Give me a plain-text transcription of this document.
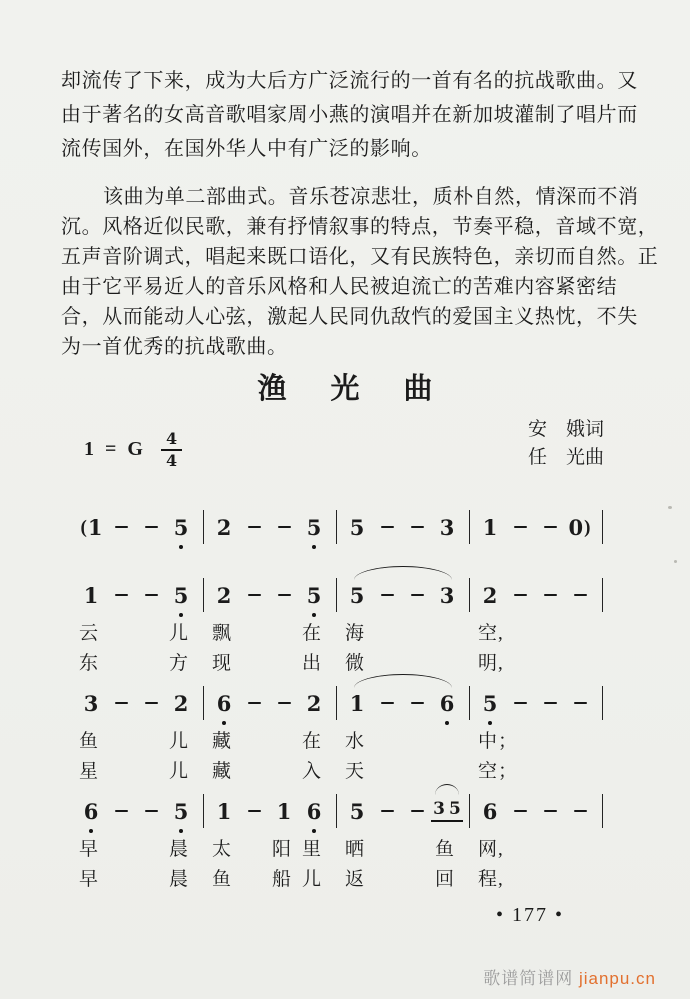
却流传了下来，成为大后方广泛流行的一首有名的抗战歌曲。又
由于著名的女高音歌唱家周小燕的演唱并在新加坡灌制了唱片而
流传国外，在国外华人中有广泛的影响。
该曲为单二部曲式。音乐苍凉悲壮，质朴自然，情深而不消
沉。风格近似民歌，兼有抒情叙事的特点，节奏平稳，音域不宽，
五声音阶调式，唱起来既口语化，又有民族特色，亲切而自然。正
由于它平易近人的音乐风格和人民被迫流亡的苦难内容紧密结
合，从而能动人心弦，激起人民同仇敌忾的爱国主义热忱，不失
为一首优秀的抗战歌曲。
渔光曲
1 = G $\frac{4}{4}$
安　娥词
任　光曲
( 1	5 2	5 5	3 1	0 )
1	5 2	5 5	3 2
云	儿 飘	在 海	空,
东	方 现	出 微	明,
3	2 6	2 1	6 5
鱼	儿 藏	在 水	中；
星	儿 藏	入 天	空；
6	5 1 1 6 5	3 5 6
早	晨 太 阳 里 晒	鱼 网,
早	晨 鱼 船 儿 返	回 程,
• 177 •
歌谱简谱网 jianpu.cn
